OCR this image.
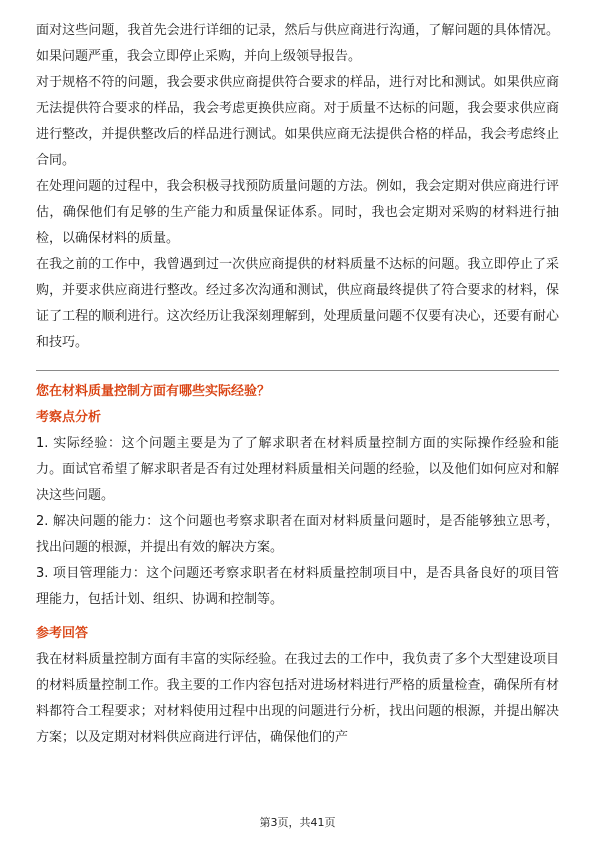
面对这些问题，我首先会进行详细的记录，然后与供应商进行沟通，了解问题的具体情况。如果问题严重，我会立即停止采购，并向上级领导报告。

对于规格不符的问题，我会要求供应商提供符合要求的样品，进行对比和测试。如果供应商无法提供符合要求的样品，我会考虑更换供应商。对于质量不达标的问题，我会要求供应商进行整改，并提供整改后的样品进行测试。如果供应商无法提供合格的样品，我会考虑终止合同。

在处理问题的过程中，我会积极寻找预防质量问题的方法。例如，我会定期对供应商进行评估，确保他们有足够的生产能力和质量保证体系。同时，我也会定期对采购的材料进行抽检，以确保材料的质量。

在我之前的工作中，我曾遇到过一次供应商提供的材料质量不达标的问题。我立即停止了采购，并要求供应商进行整改。经过多次沟通和测试，供应商最终提供了符合要求的材料，保证了工程的顺利进行。这次经历让我深刻理解到，处理质量问题不仅要有决心，还要有耐心和技巧。

您在材料质量控制方面有哪些实际经验？
考察点分析

1. 实际经验：这个问题主要是为了了解求职者在材料质量控制方面的实际操作经验和能力。面试官希望了解求职者是否有过处理材料质量相关问题的经验，以及他们如何应对和解决这些问题。

2. 解决问题的能力：这个问题也考察求职者在面对材料质量问题时，是否能够独立思考，找出问题的根源，并提出有效的解决方案。

3. 项目管理能力：这个问题还考察求职者在材料质量控制项目中，是否具备良好的项目管理能力，包括计划、组织、协调和控制等。

参考回答

我在材料质量控制方面有丰富的实际经验。在我过去的工作中，我负责了多个大型建设项目的材料质量控制工作。我主要的工作内容包括对进场材料进行严格的质量检查，确保所有材料都符合工程要求；对材料使用过程中出现的问题进行分析，找出问题的根源，并提出解决方案；以及定期对材料供应商进行评估，确保他们的产

第3页，共41页
